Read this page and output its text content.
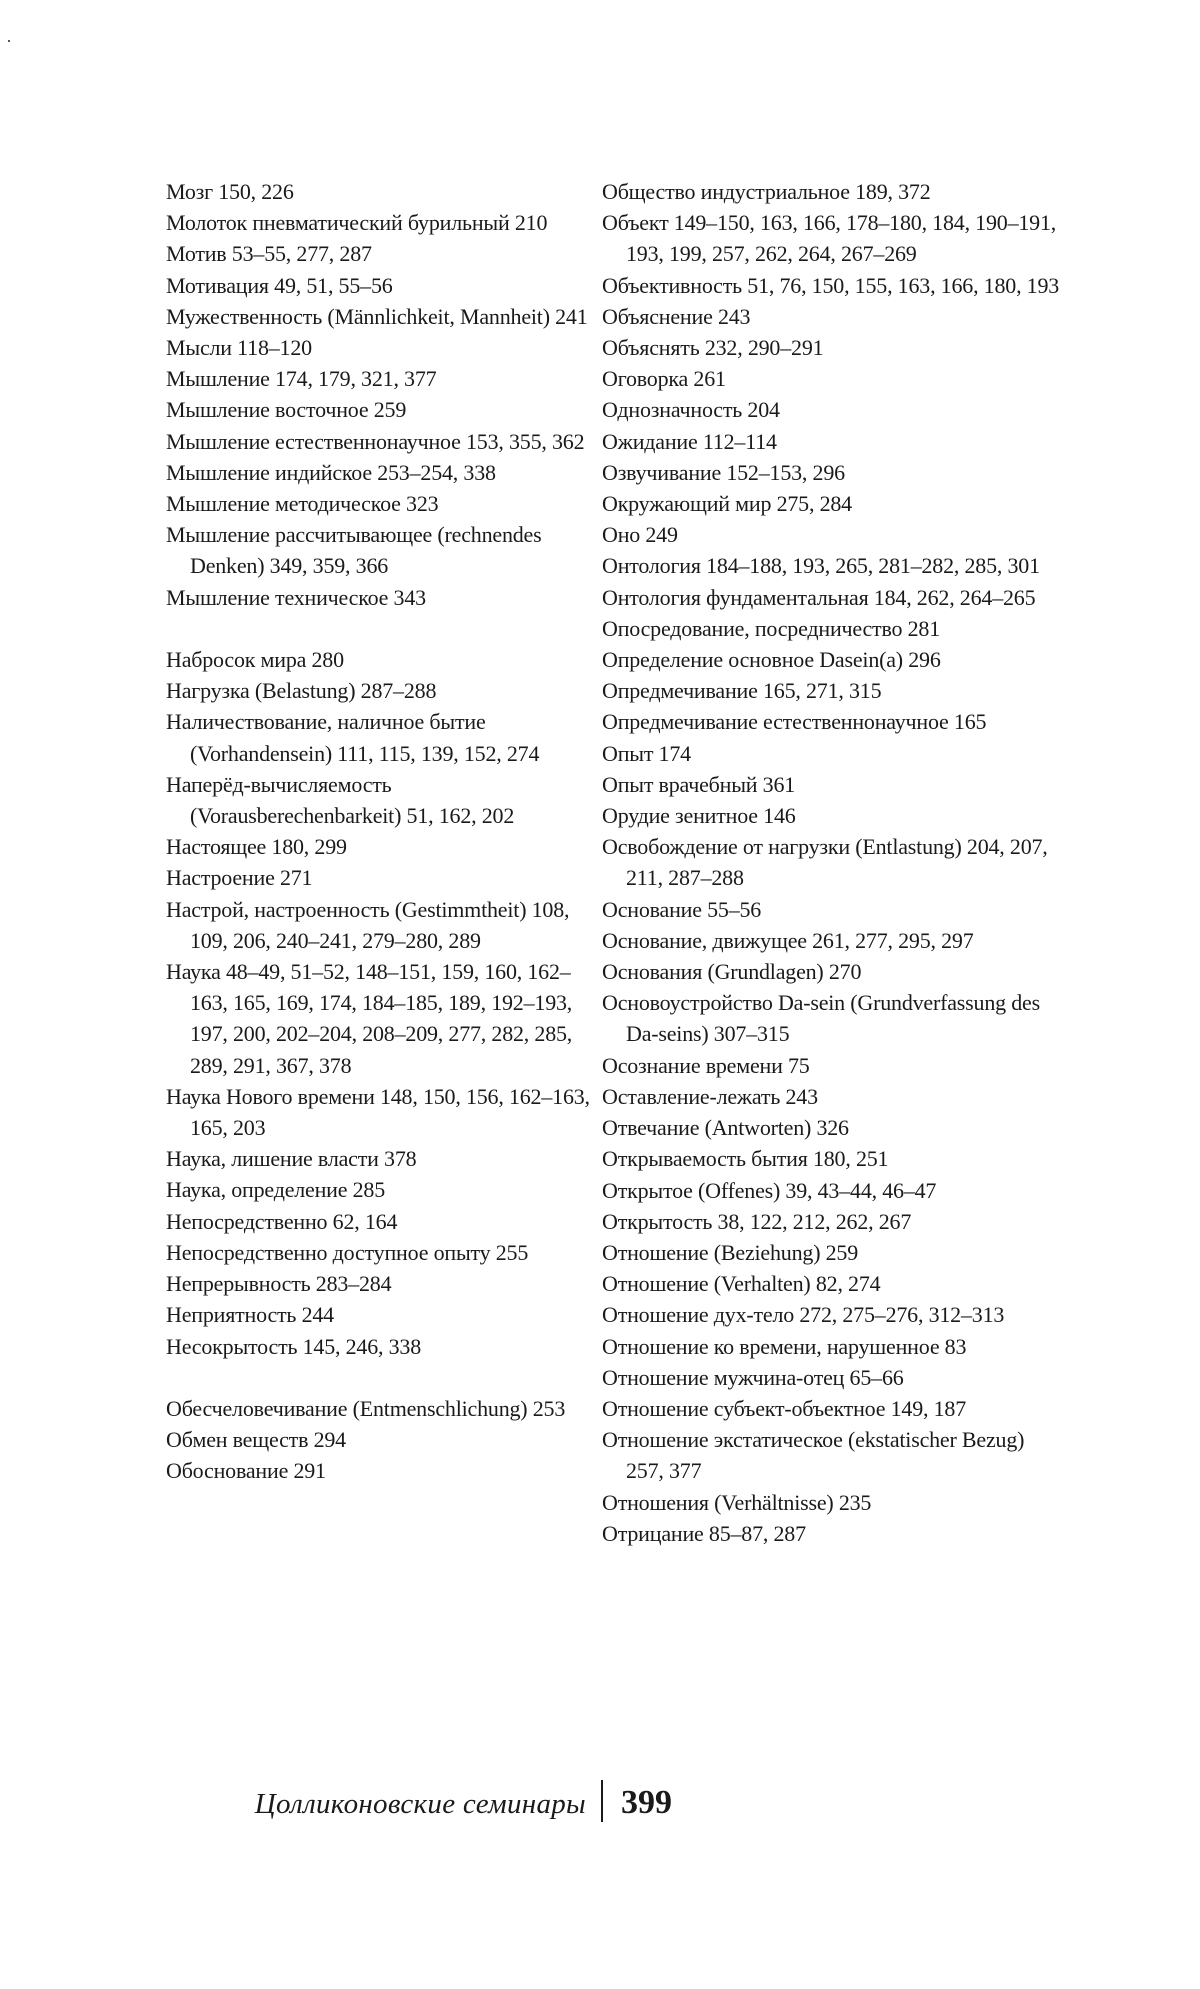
Мозг 150, 226
Молоток пневматический бурильный 210
Мотив 53–55, 277, 287
Мотивация 49, 51, 55–56
Мужественность (Männlichkeit, Mannheit) 241
Мысли 118–120
Мышление 174, 179, 321, 377
Мышление восточное 259
Мышление естественнонаучное 153, 355, 362
Мышление индийское 253–254, 338
Мышление методическое 323
Мышление рассчитывающее (rechnendes Denken) 349, 359, 366
Мышление техническое 343
Набросок мира 280
Нагрузка (Belastung) 287–288
Наличествование, наличное бытие (Vorhandensein) 111, 115, 139, 152, 274
Наперёд-вычисляемость (Vorausberechenbarkeit) 51, 162, 202
Настоящее 180, 299
Настроение 271
Настрой, настроенность (Gestimmtheit) 108, 109, 206, 240–241, 279–280, 289
Наука 48–49, 51–52, 148–151, 159, 160, 162–163, 165, 169, 174, 184–185, 189, 192–193, 197, 200, 202–204, 208–209, 277, 282, 285, 289, 291, 367, 378
Наука Нового времени 148, 150, 156, 162–163, 165, 203
Наука, лишение власти 378
Наука, определение 285
Непосредственно 62, 164
Непосредственно доступное опыту 255
Непрерывность 283–284
Неприятность 244
Несокрытость 145, 246, 338
Обесчеловечивание (Entmenschlichung) 253
Обмен веществ 294
Обоснование 291
Общество индустриальное 189, 372
Объект 149–150, 163, 166, 178–180, 184, 190–191, 193, 199, 257, 262, 264, 267–269
Объективность 51, 76, 150, 155, 163, 166, 180, 193
Объяснение 243
Объяснять 232, 290–291
Оговорка 261
Однозначность 204
Ожидание 112–114
Озвучивание 152–153, 296
Окружающий мир 275, 284
Оно 249
Онтология 184–188, 193, 265, 281–282, 285, 301
Онтология фундаментальная 184, 262, 264–265
Опосредование, посредничество 281
Определение основное Dasein(a) 296
Опредмечивание 165, 271, 315
Опредмечивание естественнонаучное 165
Опыт 174
Опыт врачебный 361
Орудие зенитное 146
Освобождение от нагрузки (Entlastung) 204, 207, 211, 287–288
Основание 55–56
Основание, движущее 261, 277, 295, 297
Основания (Grundlagen) 270
Основоустройство Da-sein (Grundverfassung des Da-seins) 307–315
Осознание времени 75
Оставление-лежать 243
Отвечание (Antworten) 326
Открываемость бытия 180, 251
Открытое (Offenes) 39, 43–44, 46–47
Открытость 38, 122, 212, 262, 267
Отношение (Beziehung) 259
Отношение (Verhalten) 82, 274
Отношение дух-тело 272, 275–276, 312–313
Отношение ко времени, нарушенное 83
Отношение мужчина-отец 65–66
Отношение субъект-объектное 149, 187
Отношение экстатическое (ekstatischer Bezug) 257, 377
Отношения (Verhältnisse) 235
Отрицание 85–87, 287
Цолликоновские семинары 399
